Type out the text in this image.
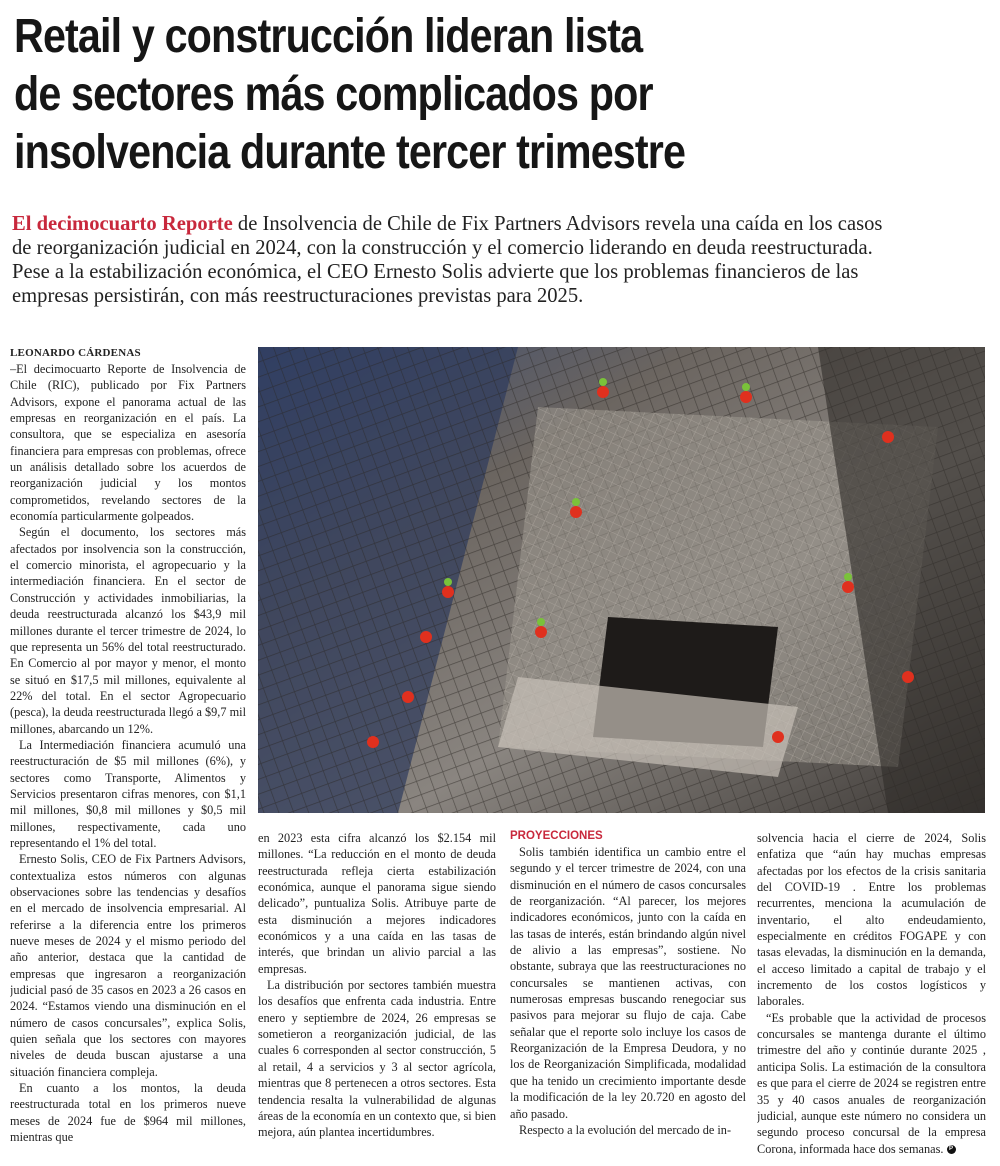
Retail y construcción lideran lista
de sectores más complicados por
insolvencia durante tercer trimestre
El decimocuarto Reporte de Insolvencia de Chile de Fix Partners Advisors revela una caída en los casos
de reorganización judicial en 2024, con la construcción y el comercio liderando en deuda reestructurada.
Pese a la estabilización económica, el CEO Ernesto Solis advierte que los problemas financieros de las
empresas persistirán, con más reestructuraciones previstas para 2025.
LEONARDO CÁRDENAS

–El decimocuarto Reporte de Insolvencia de Chile (RIC), publicado por Fix Partners Advisors, expone el panorama actual de las empresas en reorganización en el país. La consultora, que se especializa en asesoría financiera para empresas con problemas, ofrece un análisis detallado sobre los acuerdos de reorganización judicial y los montos comprometidos, revelando sectores de la economía particularmente golpeados.

Según el documento, los sectores más afectados por insolvencia son la construcción, el comercio minorista, el agropecuario y la intermediación financiera. En el sector de Construcción y actividades inmobiliarias, la deuda reestructurada alcanzó los $43,9 mil millones durante el tercer trimestre de 2024, lo que representa un 56% del total reestructurado. En Comercio al por mayor y menor, el monto se situó en $17,5 mil millones, equivalente al 22% del total. En el sector Agropecuario (pesca), la deuda reestructurada llegó a $9,7 mil millones, abarcando un 12%.

La Intermediación financiera acumuló una reestructuración de $5 mil millones (6%), y sectores como Transporte, Alimentos y Servicios presentaron cifras menores, con $1,1 mil millones, $0,8 mil millones y $0,5 mil millones, respectivamente, cada uno representando el 1% del total.

Ernesto Solis, CEO de Fix Partners Advisors, contextualiza estos números con algunas observaciones sobre las tendencias y desafíos en el mercado de insolvencia empresarial. Al referirse a la diferencia entre los primeros nueve meses de 2024 y el mismo periodo del año anterior, destaca que la cantidad de empresas que ingresaron a reorganización judicial pasó de 35 casos en 2023 a 26 casos en 2024. “Estamos viendo una disminución en el número de casos concursales”, explica Solis, quien señala que los sectores con mayores niveles de deuda buscan ajustarse a una situación financiera compleja.

En cuanto a los montos, la deuda reestructurada total en los primeros nueve meses de 2024 fue de $964 mil millones, mientras que

en 2023 esta cifra alcanzó los $2.154 mil millones. “La reducción en el monto de deuda reestructurada refleja cierta estabilización económica, aunque el panorama sigue siendo delicado”, puntualiza Solis. Atribuye parte de esta disminución a mejores indicadores económicos y a una caída en las tasas de interés, que brindan un alivio parcial a las empresas.

La distribución por sectores también muestra los desafíos que enfrenta cada industria. Entre enero y septiembre de 2024, 26 empresas se sometieron a reorganización judicial, de las cuales 6 corresponden al sector construcción, 5 al retail, 4 a servicios y 3 al sector agrícola, mientras que 8 pertenecen a otros sectores. Esta tendencia resalta la vulnerabilidad de algunas áreas de la economía en un contexto que, si bien mejora, aún plantea incertidumbres.

PROYECCIONES

Solis también identifica un cambio entre el segundo y el tercer trimestre de 2024, con una disminución en el número de casos concursales de reorganización. “Al parecer, los mejores indicadores económicos, junto con la caída en las tasas de interés, están brindando algún nivel de alivio a las empresas”, sostiene. No obstante, subraya que las reestructuraciones no concursales se mantienen activas, con numerosas empresas buscando renegociar sus pasivos para mejorar su flujo de caja. Cabe señalar que el reporte solo incluye los casos de Reorganización de la Empresa Deudora, y no los de Reorganización Simplificada, modalidad que ha tenido un crecimiento importante desde la modificación de la ley 20.720 en agosto del año pasado.

Respecto a la evolución del mercado de in-

solvencia hacia el cierre de 2024, Solis enfatiza que “aún hay muchas empresas afectadas por los efectos de la crisis sanitaria del COVID-19 . Entre los problemas recurrentes, menciona la acumulación de inventario, el alto endeudamiento, especialmente en créditos FOGAPE y con tasas elevadas, la disminución en la demanda, el acceso limitado a capital de trabajo y el incremento de los costos logísticos y laborales.

“Es probable que la actividad de procesos concursales se mantenga durante el último trimestre del año y continúe durante 2025 , anticipa Solis. La estimación de la consultora es que para el cierre de 2024 se registren entre 35 y 40 casos anuales de reorganización judicial, aunque este número no considera un segundo proceso concursal de la empresa Corona, informada hace dos semanas. P
